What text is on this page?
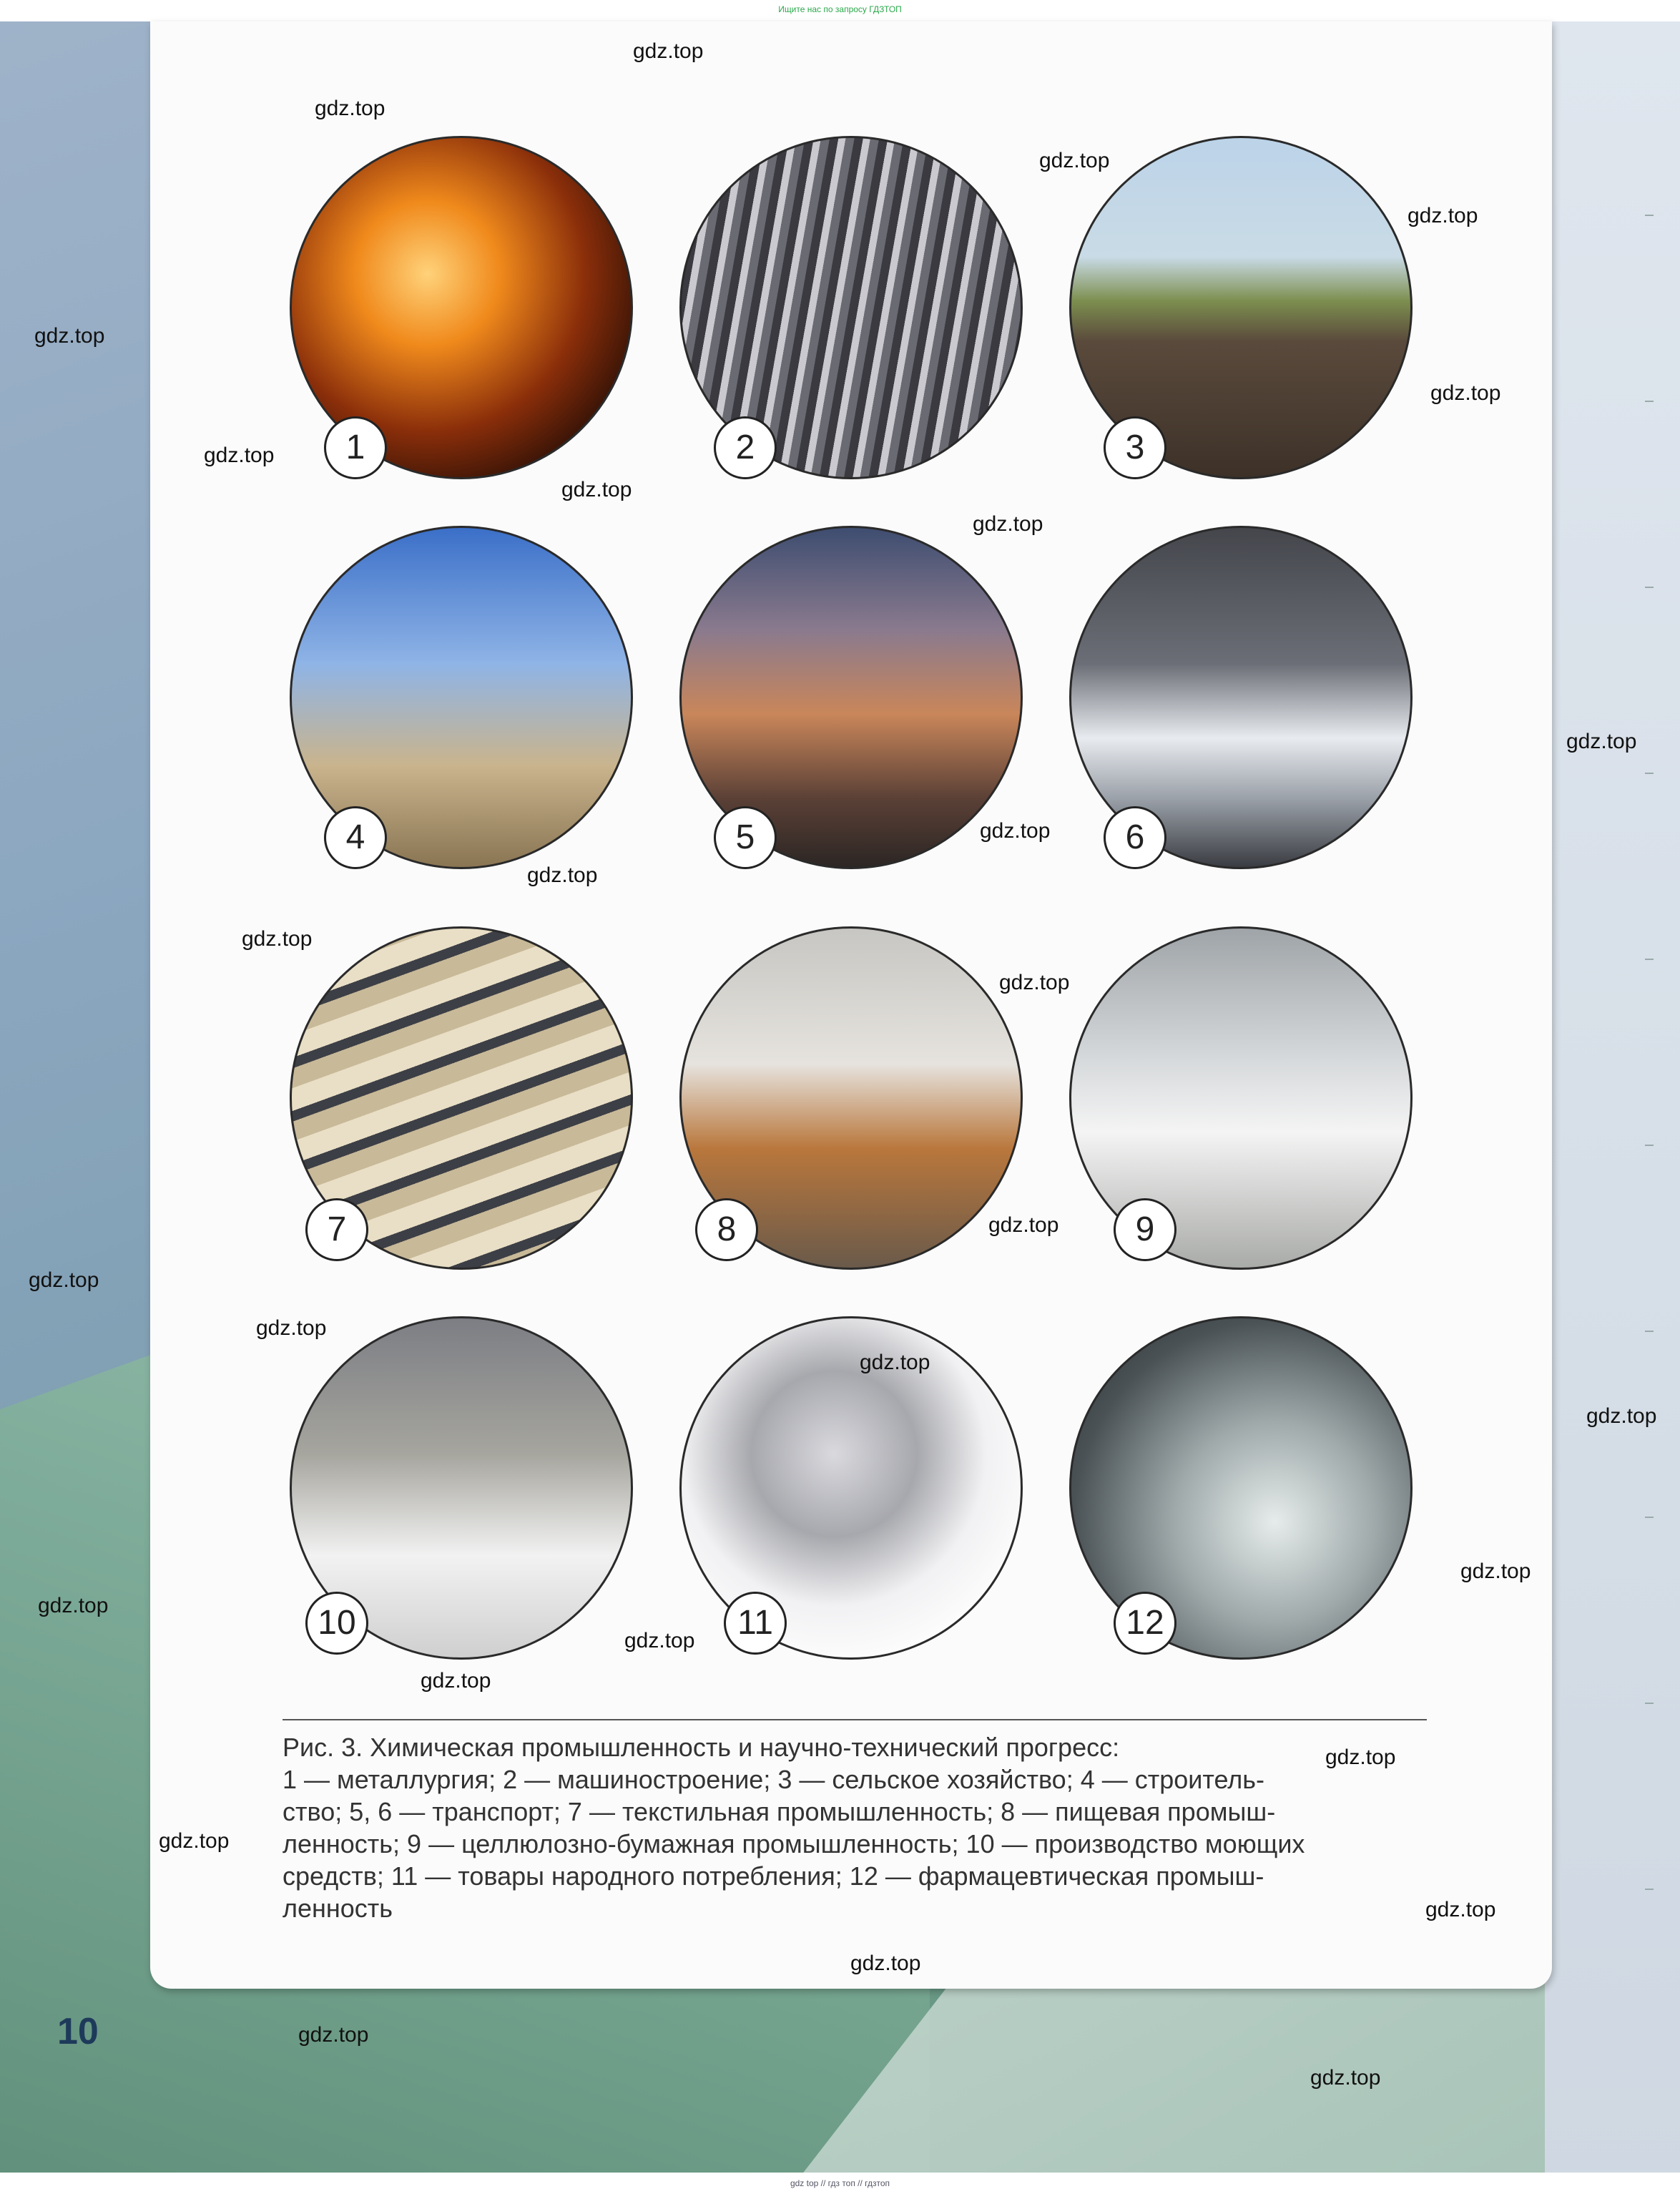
Ищите нас по запросу ГДЗТОП
1	2	3
4	5	6
7	8	9
10	11	12

Рис. 3. Химическая промышленность и научно-технический прогресс:

1 — металлургия; 2 — машиностроение; 3 — сельское хозяйство; 4 — строитель-

ство; 5, 6 — транспорт; 7 — текстильная промышленность; 8 — пищевая промыш-

ленность; 9 — целлюлозно-бумажная промышленность; 10 — производство моющих

средств; 11 — товары народного потребления; 12 — фармацевтическая промыш-

ленность

10
gdz.top
gdz.top
gdz.top
gdz.top
gdz.top
gdz.top
gdz.top
gdz.top
gdz.top
gdz.top
gdz.top
gdz.top
gdz.top
gdz.top
gdz.top
gdz.top
gdz.top
gdz.top
gdz.top
gdz.top
gdz.top
gdz.top
gdz.top
gdz.top
gdz.top
gdz.top
gdz.top
gdz.top
gdz.top
gdz top // гдз топ // гдзтоп
